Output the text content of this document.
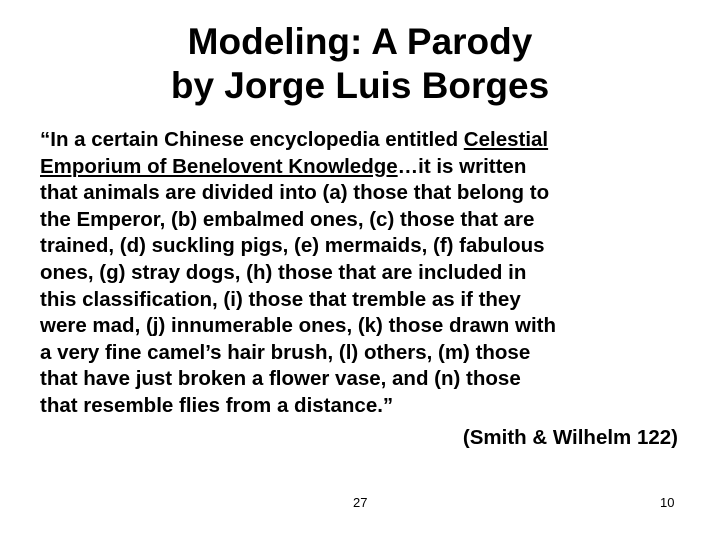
Modeling: A Parody
by Jorge Luis Borges
“In a certain Chinese encyclopedia entitled Celestial
Emporium of Benelovent Knowledge…it is written
that animals are divided into (a) those that belong to
the Emperor, (b) embalmed ones, (c) those that are
trained, (d) suckling pigs, (e) mermaids, (f) fabulous
ones, (g) stray dogs, (h) those that are included in
this classification, (i) those that tremble as if they
were mad, (j) innumerable ones, (k) those drawn with
a very fine camel’s hair brush, (l) others, (m) those
that have just broken a flower vase, and (n) those
that resemble flies from a distance.”
(Smith & Wilhelm 122)
27	10
